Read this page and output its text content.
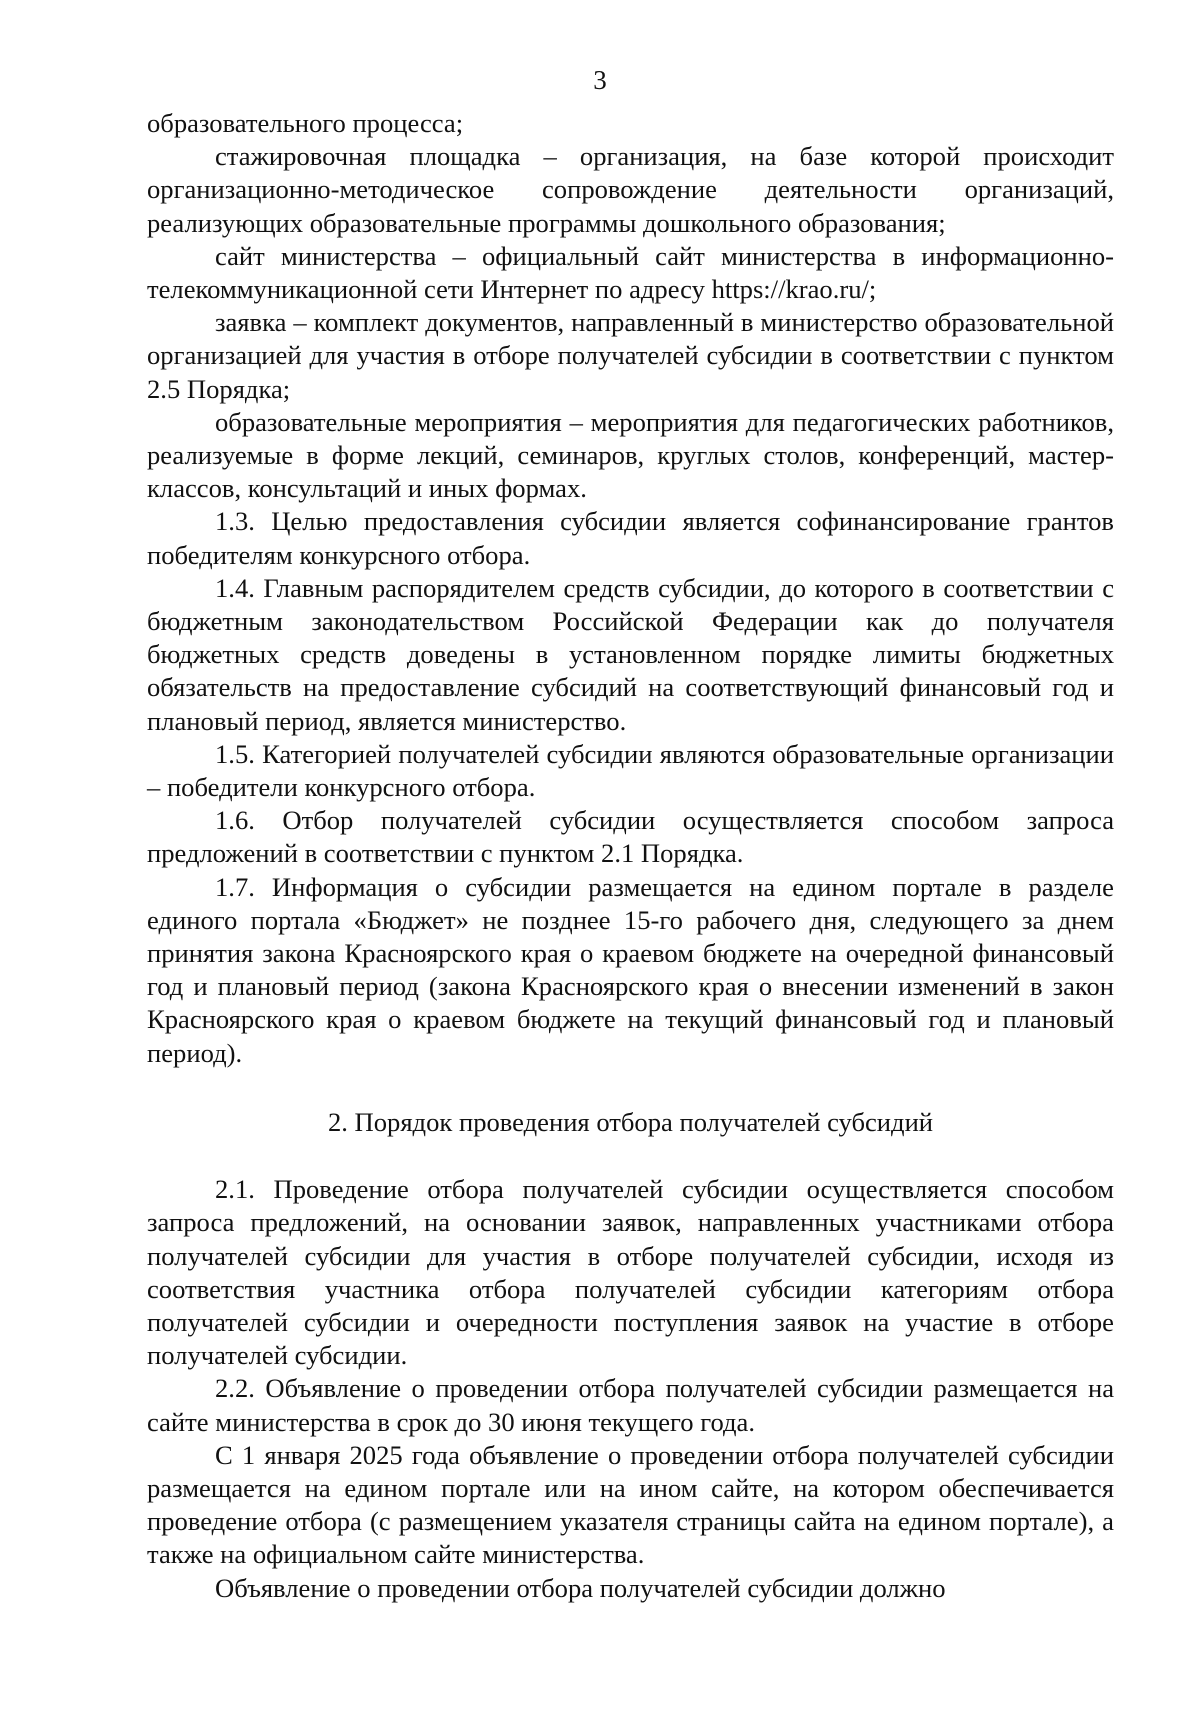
3

образовательного процесса;

стажировочная площадка – организация, на базе которой происходит организационно-методическое сопровождение деятельности организаций, реализующих образовательные программы дошкольного образования;

сайт министерства – официальный сайт министерства в информационно-телекоммуникационной сети Интернет по адресу https://krao.ru/;

заявка – комплект документов, направленный в министерство образовательной организацией для участия в отборе получателей субсидии в соответствии с пунктом 2.5 Порядка;

образовательные мероприятия – мероприятия для педагогических работников, реализуемые в форме лекций, семинаров, круглых столов, конференций, мастер-классов, консультаций и иных формах.

1.3. Целью предоставления субсидии является софинансирование грантов победителям конкурсного отбора.

1.4. Главным распорядителем средств субсидии, до которого в соответствии с бюджетным законодательством Российской Федерации как до получателя бюджетных средств доведены в установленном порядке лимиты бюджетных обязательств на предоставление субсидий на соответствующий финансовый год и плановый период, является министерство.

1.5. Категорией получателей субсидии являются образовательные организации – победители конкурсного отбора.

1.6. Отбор получателей субсидии осуществляется способом запроса предложений в соответствии с пунктом 2.1 Порядка.

1.7. Информация о субсидии размещается на едином портале в разделе единого портала «Бюджет» не позднее 15-го рабочего дня, следующего за днем принятия закона Красноярского края о краевом бюджете на очередной финансовый год и плановый период (закона Красноярского края о внесении изменений в закон Красноярского края о краевом бюджете на текущий финансовый год и плановый период).

2. Порядок проведения отбора получателей субсидий

2.1. Проведение отбора получателей субсидии осуществляется способом запроса предложений, на основании заявок, направленных участниками отбора получателей субсидии для участия в отборе получателей субсидии, исходя из соответствия участника отбора получателей субсидии категориям отбора получателей субсидии и очередности поступления заявок на участие в отборе получателей субсидии.

2.2. Объявление о проведении отбора получателей субсидии размещается на сайте министерства в срок до 30 июня текущего года.

С 1 января 2025 года объявление о проведении отбора получателей субсидии размещается на едином портале или на ином сайте, на котором обеспечивается проведение отбора (с размещением указателя страницы сайта на едином портале), а также на официальном сайте министерства.

Объявление о проведении отбора получателей субсидии должно
